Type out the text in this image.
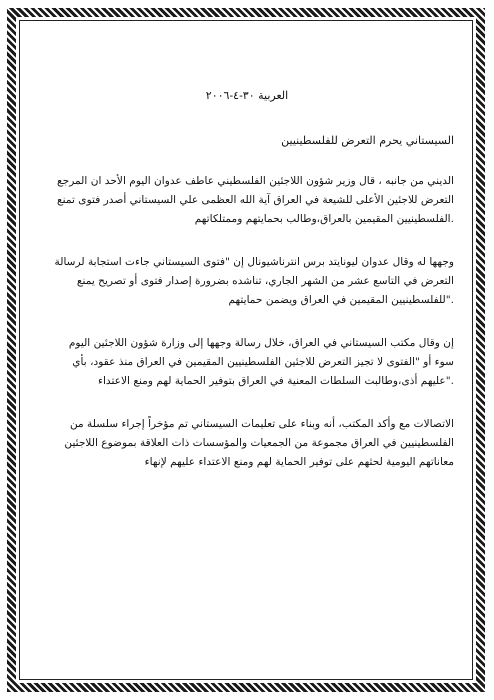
العربية ٣٠-٤-٢٠٠٦
السيستاني يحرم التعرض للفلسطينيين
الديني من جانبه ، قال وزير شؤون اللاجئين الفلسطيني عاطف عدوان اليوم الأحد ان المرجع
التعرض للاجئين الأعلى للشيعة في العراق آية الله العظمى علي السيستاني أصدر فتوى تمنع
.الفلسطينيين المقيمين بالعراق،وطالب بحمايتهم وممتلكاتهم
وجهها له وقال عدوان ليونايتد برس انترناشيونال إن "فتوى السيستاني جاءت استجابة لرسالة
التعرض في التاسع عشر من الشهر الجاري، تناشده بضرورة إصدار فتوى أو تصريح يمنع
."للفلسطينيين المقيمين في العراق ويضمن حمايتهم
إن وقال مكتب السيستاني في العراق، خلال رسالة وجهها إلى وزارة شؤون اللاجئين اليوم
سوء أو "الفتوى لا تجيز التعرض للاجئين الفلسطينيين المقيمين في العراق منذ عقود، بأي
."عليهم أذى،وطالبت السلطات المعنية في العراق بتوفير الحماية لهم ومنع الاعتداء
الاتصالات مع وأكد المكتب، أنه وبناء على تعليمات السيستاني تم مؤخراً إجراء سلسلة من
الفلسطينيين في العراق مجموعة من الجمعيات والمؤسسات ذات العلاقة بموضوع اللاجئين
معاناتهم اليومية لحثهم على توفير الحماية لهم ومنع الاعتداء عليهم لإنهاء
